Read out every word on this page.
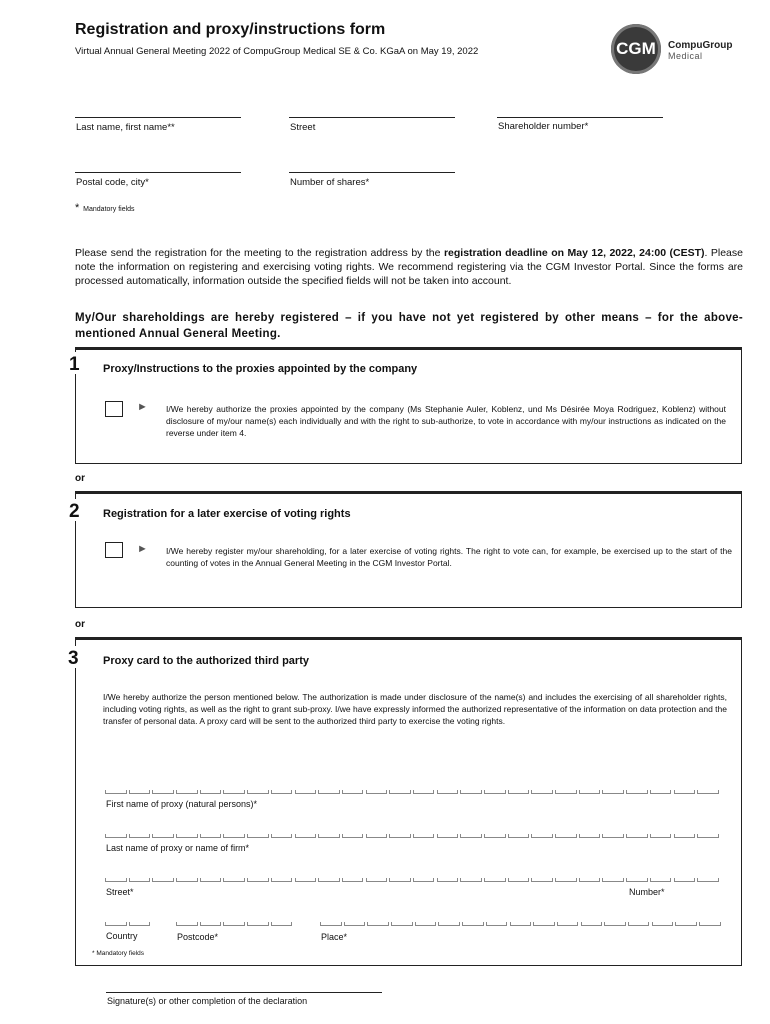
Registration and proxy/instructions form
Virtual Annual General Meeting 2022 of CompuGroup Medical SE & Co. KGaA on May 19, 2022	CGM CompuGroup
Medical
Last name, first name**	Street	Shareholder number*
Postal code, city*	Number of shares*
* Mandatory fields
Please send the registration for the meeting to the registration address by the registration deadline on May 12, 2022, 24:00 (CEST). Please note the information on registering and exercising voting rights. We recommend registering via the CGM Investor Portal. Since the forms are processed automatically, information outside the specified fields will not be taken into account.
My/Our shareholdings are hereby registered – if you have not yet registered by other means – for the above-mentioned Annual General Meeting.
1 Proxy/Instructions to the proxies appointed by the company
► I/We hereby authorize the proxies appointed by the company (Ms Stephanie Auler, Koblenz, und Ms Désirée Moya Rodriguez, Koblenz) without disclosure of my/our name(s) each individually and with the right to sub-authorize, to vote in accordance with my/our instructions as indicated on the reverse under item 4.
or
2 Registration for a later exercise of voting rights
► I/We hereby register my/our shareholding, for a later exercise of voting rights. The right to vote can, for example, be exercised up to the start of the counting of votes in the Annual General Meeting in the CGM Investor Portal.
or
3 Proxy card to the authorized third party
I/We hereby authorize the person mentioned below. The authorization is made under disclosure of the name(s) and includes the exercising of all shareholder rights, including voting rights, as well as the right to grant sub-proxy. I/we have expressly informed the authorized representative of the information on data protection and the transfer of personal data. A proxy card will be sent to the authorized third party to exercise the voting rights.
First name of proxy (natural persons)*
Last name of proxy or name of firm*
Street*	Number*
Country	Postcode*	Place*
* Mandatory fields
Signature(s) or other completion of the declaration
